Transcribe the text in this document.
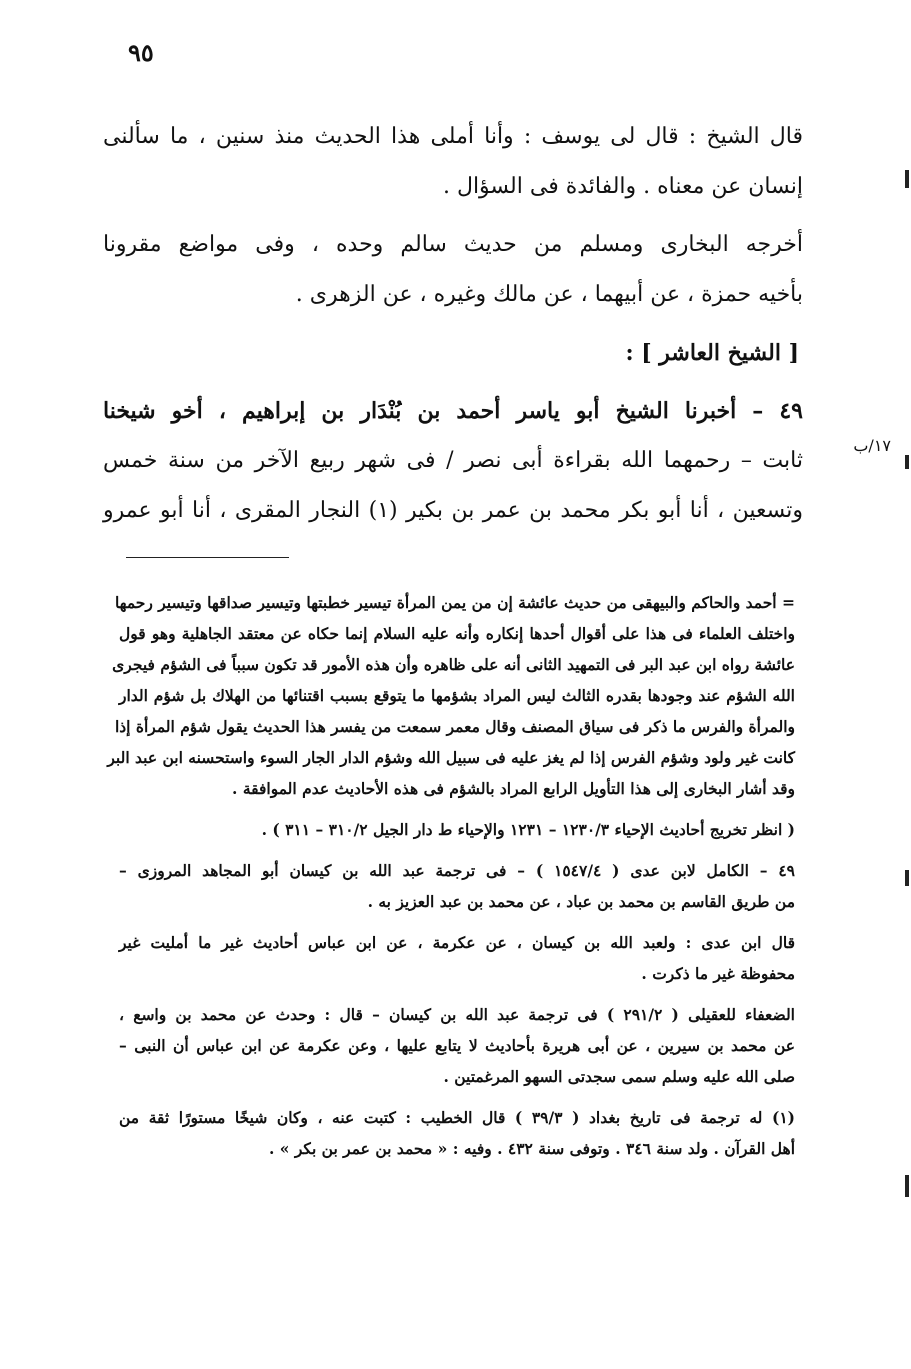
٩٥
قال الشيخ : قال لى يوسف : وأنا أملى هذا الحديث منذ سنين ، ما سألنى
إنسان عن معناه . والفائدة فى السؤال .
أخرجه البخارى ومسلم من حديث سالم وحده ، وفى مواضع مقرونا
بأخيه حمزة ، عن أبيهما ، عن مالك وغيره ، عن الزهرى .
[ الشيخ العاشر ] :
٤٩ – أخبرنا الشيخ أبو ياسر أحمد بن بُنْدَار بن إبراهيم ، أخو شيخنا
ثابت – رحمهما الله بقراءة أبى نصر / فى شهر ربيع الآخر من سنة خمس
وتسعين ، أنا أبو بكر محمد بن عمر بن بكير (١) النجار المقرى ، أنا أبو عمرو
١٧/ب
= أحمد والحاكم والبيهقى من حديث عائشة إن من يمن المرأة تيسير خطبتها وتيسير صداقها وتيسير رحمها
واختلف العلماء فى هذا على أقوال أحدها إنكاره وأنه عليه السلام إنما حكاه عن معتقد الجاهلية وهو قول
عائشة رواه ابن عبد البر فى التمهيد الثانى أنه على ظاهره وأن هذه الأمور قد تكون سبباً فى الشؤم فيجرى
الله الشؤم عند وجودها بقدره الثالث ليس المراد بشؤمها ما يتوقع بسبب اقتنائها من الهلاك بل شؤم الدار
والمرأة والفرس ما ذكر فى سياق المصنف وقال معمر سمعت من يفسر هذا الحديث يقول شؤم المرأة إذا
كانت غير ولود وشؤم الفرس إذا لم يغز عليه فى سبيل الله وشؤم الدار الجار السوء واستحسنه ابن عبد البر
وقد أشار البخارى إلى هذا التأويل الرابع المراد بالشؤم فى هذه الأحاديث عدم الموافقة .
( انظر تخريج أحاديث الإحياء ١٢٣٠/٣ – ١٢٣١ والإحياء ط دار الجيل ٣١٠/٢ – ٣١١ ) .
٤٩ – الكامل لابن عدى ( ١٥٤٧/٤ ) – فى ترجمة عبد الله بن كيسان أبو المجاهد المروزى –
من طريق القاسم بن محمد بن عباد ، عن محمد بن عبد العزيز به .
قال ابن عدى : ولعبد الله بن كيسان ، عن عكرمة ، عن ابن عباس أحاديث غير ما أمليت غير
محفوظة غير ما ذكرت .
الضعفاء للعقيلى ( ٢٩١/٢ ) فى ترجمة عبد الله بن كيسان – قال : وحدث عن محمد بن واسع ،
عن محمد بن سيرين ، عن أبى هريرة بأحاديث لا يتابع عليها ، وعن عكرمة عن ابن عباس أن النبى –
صلى الله عليه وسلم سمى سجدتى السهو المرغمتين .
(١) له ترجمة فى تاريخ بغداد ( ٣٩/٣ ) قال الخطيب : كتبت عنه ، وكان شيخًا مستورًا ثقة من
أهل القرآن . ولد سنة ٣٤٦ . وتوفى سنة ٤٣٢ . وفيه : « محمد بن عمر بن بكر » .
